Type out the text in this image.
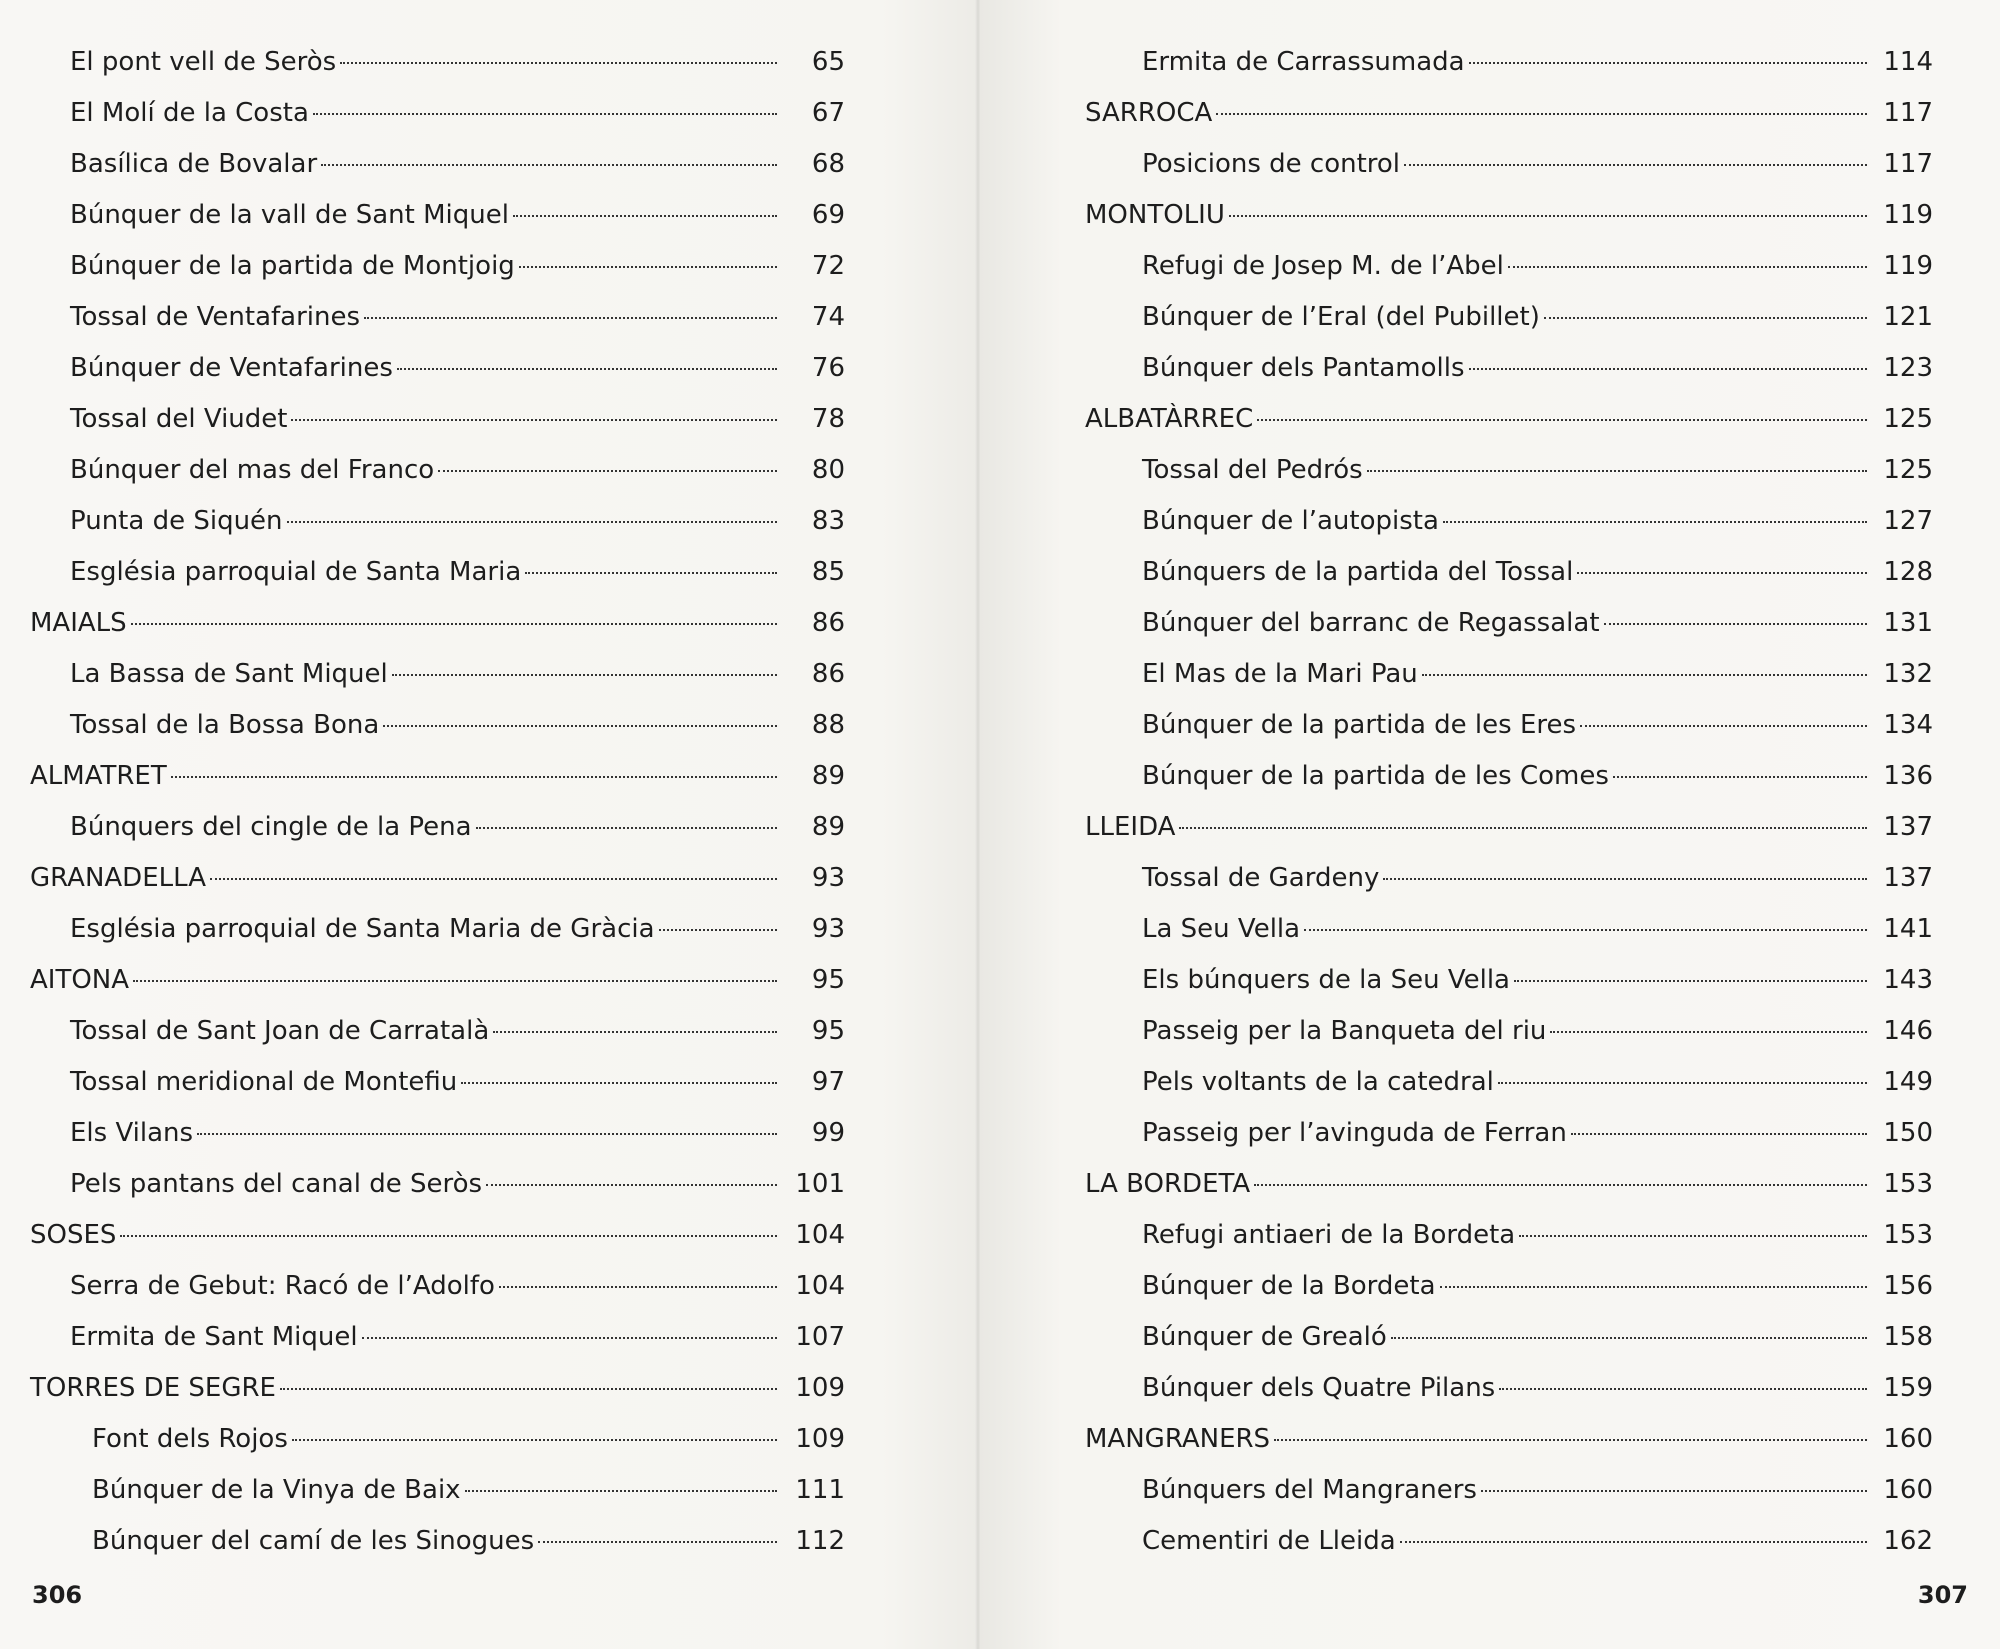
El pont vell de Seròs	65
El Molí de la Costa	67
Basílica de Bovalar	68
Búnquer de la vall de Sant Miquel	69
Búnquer de la partida de Montjoig	72
Tossal de Ventafarines	74
Búnquer de Ventafarines	76
Tossal del Viudet	78
Búnquer del mas del Franco	80
Punta de Siquén	83
Església parroquial de Santa Maria	85
MAIALS	86
La Bassa de Sant Miquel	86
Tossal de la Bossa Bona	88
ALMATRET	89
Búnquers del cingle de la Pena	89
GRANADELLA	93
Església parroquial de Santa Maria de Gràcia	93
AITONA	95
Tossal de Sant Joan de Carratalà	95
Tossal meridional de Montefiu	97
Els Vilans	99
Pels pantans del canal de Seròs	101
SOSES	104
Serra de Gebut: Racó de l’Adolfo	104
Ermita de Sant Miquel	107
TORRES DE SEGRE	109
Font dels Rojos	109
Búnquer de la Vinya de Baix	111
Búnquer del camí de les Sinogues	112
306
Ermita de Carrassumada	114
SARROCA	117
Posicions de control	117
MONTOLIU	119
Refugi de Josep M. de l’Abel	119
Búnquer de l’Eral (del Pubillet)	121
Búnquer dels Pantamolls	123
ALBATÀRREC	125
Tossal del Pedrós	125
Búnquer de l’autopista	127
Búnquers de la partida del Tossal	128
Búnquer del barranc de Regassalat	131
El Mas de la Mari Pau	132
Búnquer de la partida de les Eres	134
Búnquer de la partida de les Comes	136
LLEIDA	137
Tossal de Gardeny	137
La Seu Vella	141
Els búnquers de la Seu Vella	143
Passeig per la Banqueta del riu	146
Pels voltants de la catedral	149
Passeig per l’avinguda de Ferran	150
LA BORDETA	153
Refugi antiaeri de la Bordeta	153
Búnquer de la Bordeta	156
Búnquer de Grealó	158
Búnquer dels Quatre Pilans	159
MANGRANERS	160
Búnquers del Mangraners	160
Cementiri de Lleida	162
307
